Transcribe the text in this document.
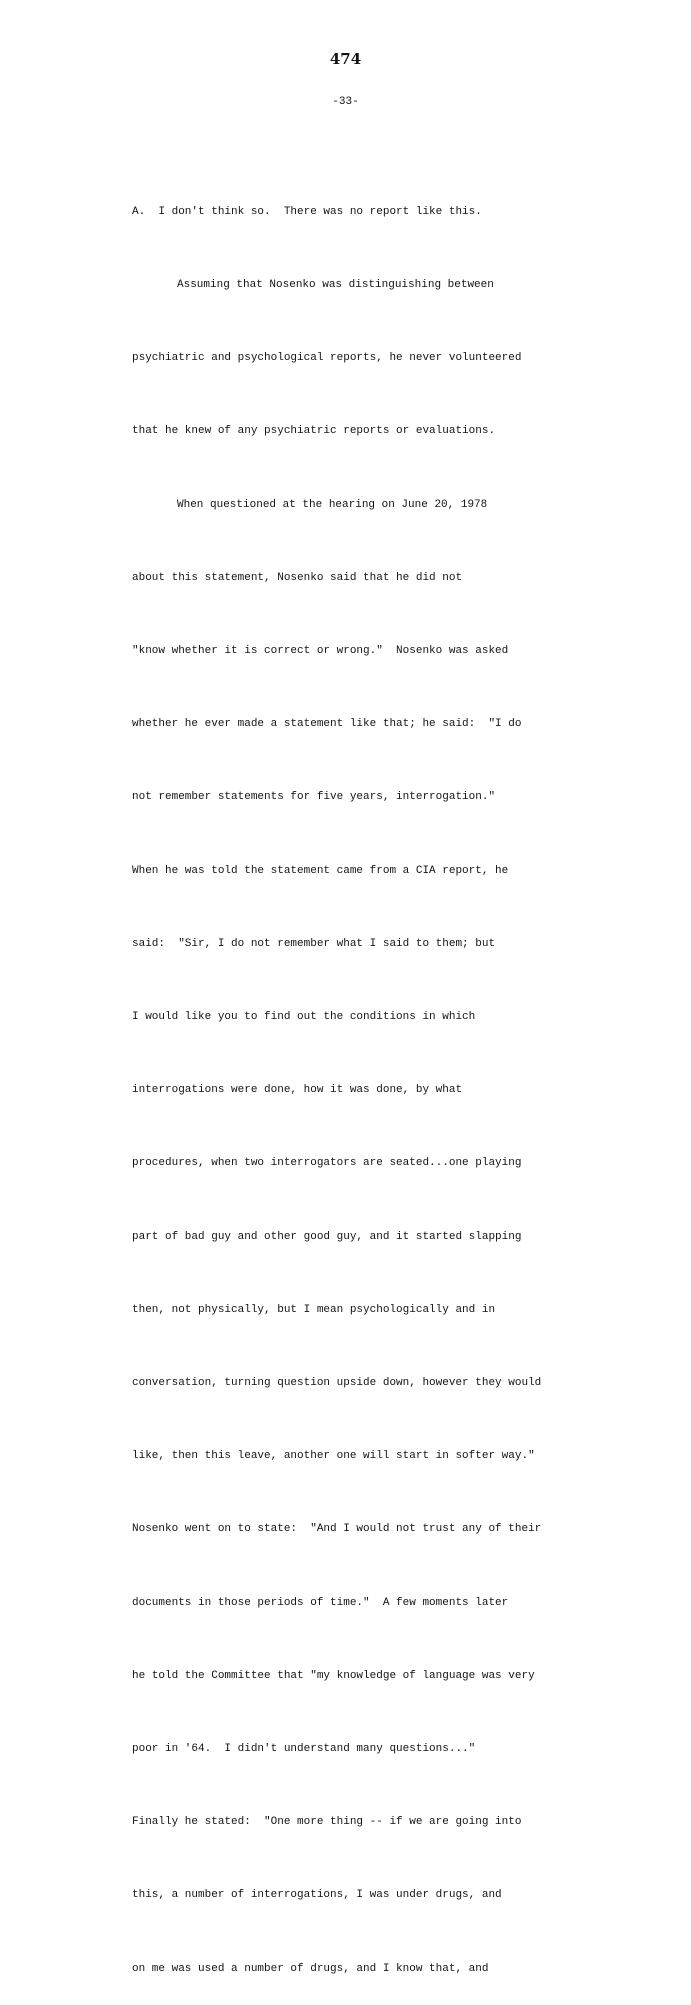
474
-33-

A.  I don't think so.  There was no report like this.

Assuming that Nosenko was distinguishing between

psychiatric and psychological reports, he never volunteered

that he knew of any psychiatric reports or evaluations.

When questioned at the hearing on June 20, 1978

about this statement, Nosenko said that he did not

"know whether it is correct or wrong."  Nosenko was asked

whether he ever made a statement like that; he said:  "I do

not remember statements for five years, interrogation."

When he was told the statement came from a CIA report, he

said:  "Sir, I do not remember what I said to them; but

I would like you to find out the conditions in which

interrogations were done, how it was done, by what

procedures, when two interrogators are seated...one playing

part of bad guy and other good guy, and it started slapping

then, not physically, but I mean psychologically and in

conversation, turning question upside down, however they would

like, then this leave, another one will start in softer way."

Nosenko went on to state:  "And I would not trust any of their

documents in those periods of time."  A few moments later

he told the Committee that "my knowledge of language was very

poor in '64.  I didn't understand many questions..."

Finally he stated:  "One more thing -- if we are going into

this, a number of interrogations, I was under drugs, and

on me was used a number of drugs, and I know that, and
